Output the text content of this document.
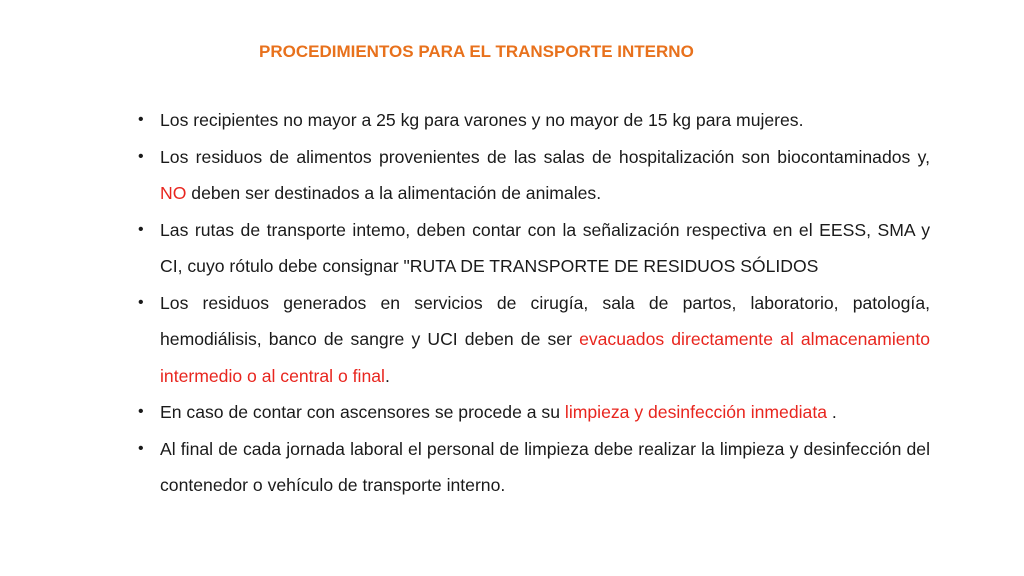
PROCEDIMIENTOS PARA EL TRANSPORTE INTERNO
• Los recipientes no mayor a 25 kg para varones y no mayor de 15 kg para mujeres.
• Los residuos de alimentos provenientes de las salas de hospitalización son biocontaminados y, NO deben ser destinados a la alimentación de animales.
• Las rutas de transporte intemo, deben contar con la señalización respectiva en el EESS, SMA y CI, cuyo rótulo debe consignar "RUTA DE TRANSPORTE DE RESIDUOS SÓLIDOS
• Los residuos generados en servicios de cirugía, sala de partos, laboratorio, patología, hemodiálisis, banco de sangre y UCI deben de ser evacuados directamente al almacenamiento intermedio o al central o final.
• En caso de contar con ascensores se procede a su limpieza y desinfección inmediata .
• Al final de cada jornada laboral el personal de limpieza debe realizar la limpieza y desinfección del contenedor o vehículo de transporte interno.
